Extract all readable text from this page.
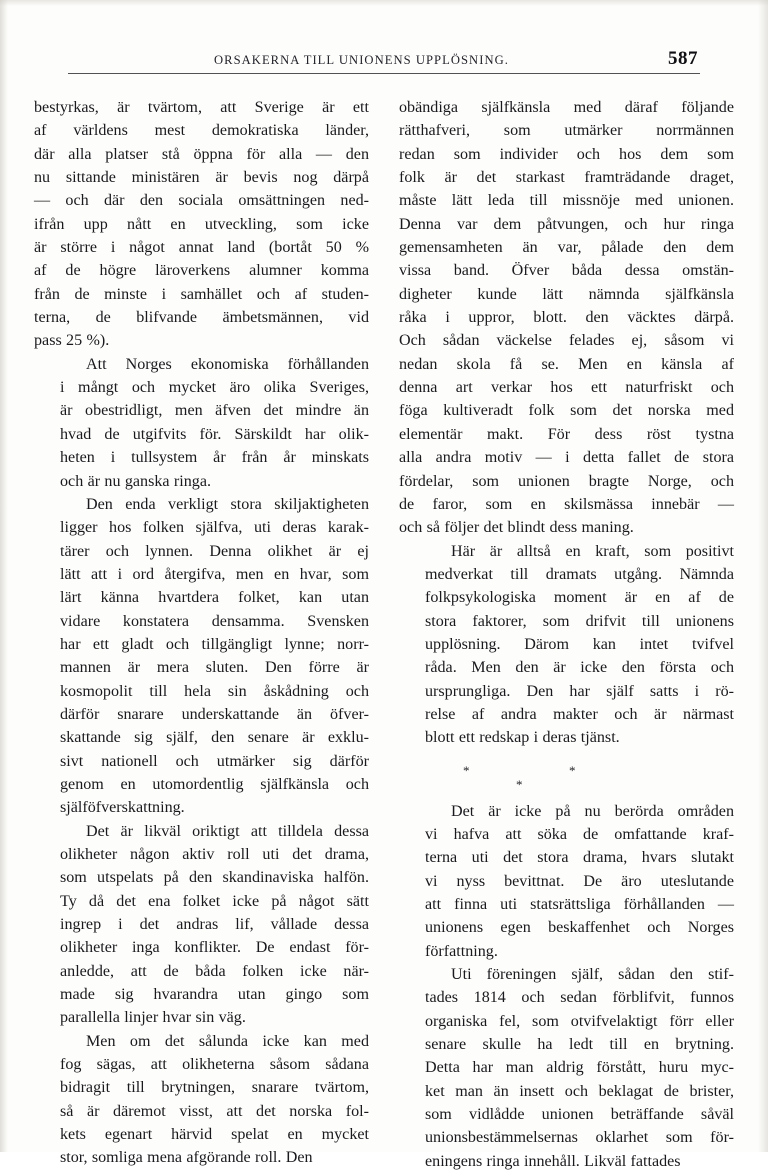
ORSAKERNA TILL UNIONENS UPPLÖSNING.	587

bestyrkas, är tvärtom, att Sverige är ett
af världens mest demokratiska länder,
där alla platser stå öppna för alla — den
nu sittande ministären är bevis nog därpå
— och där den sociala omsättningen ned-
ifrån upp nått en utveckling, som icke
är större i något annat land (bortåt 50 %
af de högre läroverkens alumner komma
från de minste i samhället och af studen-
terna, de blifvande ämbetsmännen, vid
pass 25 %).

Att Norges ekonomiska förhållanden
i mångt och mycket äro olika Sveriges,
är obestridligt, men äfven det mindre än
hvad de utgifvits för. Särskildt har olik-
heten i tullsystem år från år minskats
och är nu ganska ringa.

Den enda verkligt stora skiljaktigheten
ligger hos folken själfva, uti deras karak-
tärer och lynnen. Denna olikhet är ej
lätt att i ord återgifva, men en hvar, som
lärt känna hvartdera folket, kan utan
vidare konstatera densamma. Svensken
har ett gladt och tillgängligt lynne; norr-
mannen är mera sluten. Den förre är
kosmopolit till hela sin åskådning och
därför snarare underskattande än öfver-
skattande sig själf, den senare är exklu-
sivt nationell och utmärker sig därför
genom en utomordentlig själfkänsla och
själföfverskattning.

Det är likväl oriktigt att tilldela dessa
olikheter någon aktiv roll uti det drama,
som utspelats på den skandinaviska halfön.
Ty då det ena folket icke på något sätt
ingrep i det andras lif, vållade dessa
olikheter inga konflikter. De endast för-
anledde, att de båda folken icke när-
made sig hvarandra utan gingo som
parallella linjer hvar sin väg.

Men om det sålunda icke kan med
fog sägas, att olikheterna såsom sådana
bidragit till brytningen, snarare tvärtom,
så är däremot visst, att det norska fol-
kets egenart härvid spelat en mycket
stor, somliga mena afgörande roll. Den

obändiga själfkänsla med däraf följande
rätthafveri, som utmärker norrmännen
redan som individer och hos dem som
folk är det starkast framträdande draget,
måste lätt leda till missnöje med unionen.
Denna var dem påtvungen, och hur ringa
gemensamheten än var, pålade den dem
vissa band. Öfver båda dessa omstän-
digheter kunde lätt nämnda själfkänsla
råka i uppror, blott. den väcktes därpå.
Och sådan väckelse felades ej, såsom vi
nedan skola få se. Men en känsla af
denna art verkar hos ett naturfriskt och
föga kultiveradt folk som det norska med
elementär makt. För dess röst tystna
alla andra motiv — i detta fallet de stora
fördelar, som unionen bragte Norge, och
de faror, som en skilsmässa innebär —
och så följer det blindt dess maning.

Här är alltså en kraft, som positivt
medverkat till dramats utgång. Nämnda
folkpsykologiska moment är en af de
stora faktorer, som drifvit till unionens
upplösning. Därom kan intet tvifvel
råda. Men den är icke den första och
ursprungliga. Den har själf satts i rö-
relse af andra makter och är närmast
blott ett redskap i deras tjänst.

*	*
*

Det är icke på nu berörda områden
vi hafva att söka de omfattande kraf-
terna uti det stora drama, hvars slutakt
vi nyss bevittnat. De äro uteslutande
att finna uti statsrättsliga förhållanden —
unionens egen beskaffenhet och Norges
författning.

Uti föreningen själf, sådan den stif-
tades 1814 och sedan förblifvit, funnos
organiska fel, som otvifvelaktigt förr eller
senare skulle ha ledt till en brytning.
Detta har man aldrig förstått, huru myc-
ket man än insett och beklagat de brister,
som vidlådde unionen beträffande såväl
unionsbestämmelsernas oklarhet som för-
eningens ringa innehåll. Likväl fattades
